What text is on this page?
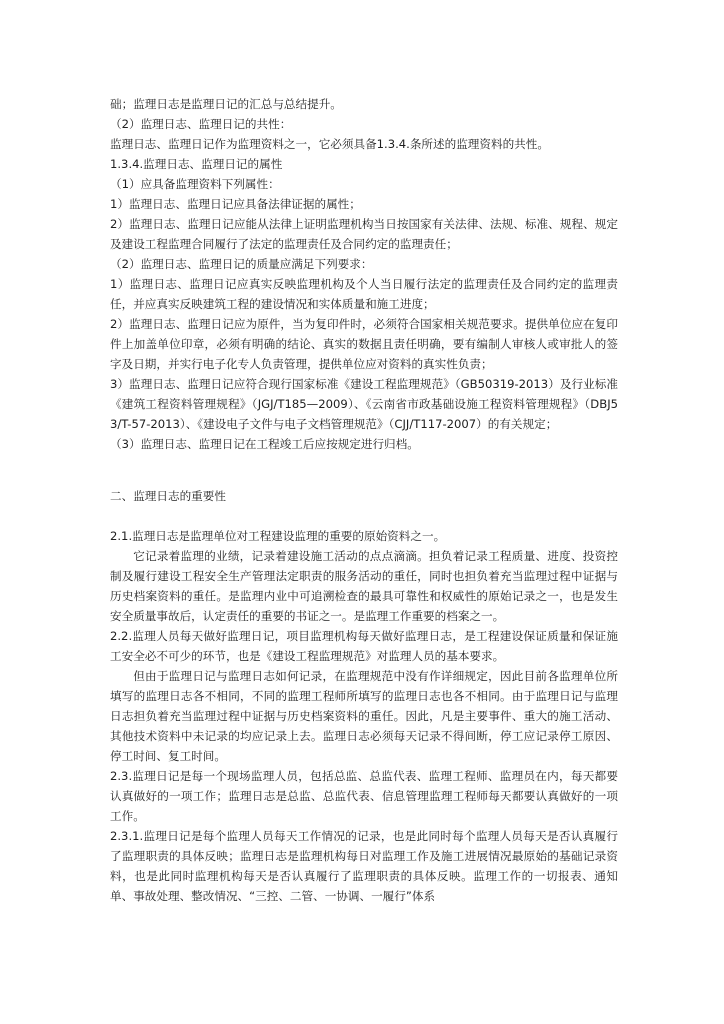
础；监理日志是监理日记的汇总与总结提升。

（2）监理日志、监理日记的共性：

监理日志、监理日记作为监理资料之一，它必须具备1.3.4.条所述的监理资料的共性。

1.3.4.监理日志、监理日记的属性

（1）应具备监理资料下列属性：

1）监理日志、监理日记应具备法律证据的属性；

2）监理日志、监理日记应能从法律上证明监理机构当日按国家有关法律、法规、标准、规程、规定及建设工程监理合同履行了法定的监理责任及合同约定的监理责任；

（2）监理日志、监理日记的质量应满足下列要求：

1）监理日志、监理日记应真实反映监理机构及个人当日履行法定的监理责任及合同约定的监理责任，并应真实反映建筑工程的建设情况和实体质量和施工进度；

2）监理日志、监理日记应为原件，当为复印件时，必须符合国家相关规范要求。提供单位应在复印件上加盖单位印章，必须有明确的结论、真实的数据且责任明确，要有编制人审核人或审批人的签字及日期，并实行电子化专人负责管理，提供单位应对资料的真实性负责；

3）监理日志、监理日记应符合现行国家标准《建设工程监理规范》（GB50319-2013）及行业标准《建筑工程资料管理规程》（JGJ/T185—2009）、《云南省市政基础设施工程资料管理规程》（DBJ53/T-57-2013）、《建设电子文件与电子文档管理规范》（CJJ/T117-2007）的有关规定；

（3）监理日志、监理日记在工程竣工后应按规定进行归档。

二、监理日志的重要性

2.1.监理日志是监理单位对工程建设监理的重要的原始资料之一。

它记录着监理的业绩，记录着建设施工活动的点点滴滴。担负着记录工程质量、进度、投资控制及履行建设工程安全生产管理法定职责的服务活动的重任，同时也担负着充当监理过程中证据与历史档案资料的重任。是监理内业中可追溯检查的最具可靠性和权威性的原始记录之一，也是发生安全质量事故后，认定责任的重要的书证之一。是监理工作重要的档案之一。

2.2.监理人员每天做好监理日记，项目监理机构每天做好监理日志，是工程建设保证质量和保证施工安全必不可少的环节，也是《建设工程监理规范》对监理人员的基本要求。

但由于监理日记与监理日志如何记录，在监理规范中没有作详细规定，因此目前各监理单位所填写的监理日志各不相同，不同的监理工程师所填写的监理日志也各不相同。由于监理日记与监理日志担负着充当监理过程中证据与历史档案资料的重任。因此，凡是主要事件、重大的施工活动、其他技术资料中未记录的均应记录上去。监理日志必须每天记录不得间断，停工应记录停工原因、停工时间、复工时间。

2.3.监理日记是每一个现场监理人员，包括总监、总监代表、监理工程师、监理员在内，每天都要认真做好的一项工作；监理日志是总监、总监代表、信息管理监理工程师每天都要认真做好的一项工作。

2.3.1.监理日记是每个监理人员每天工作情况的记录，也是此同时每个监理人员每天是否认真履行了监理职责的具体反映；监理日志是监理机构每日对监理工作及施工进展情况最原始的基础记录资料，也是此同时监理机构每天是否认真履行了监理职责的具体反映。监理工作的一切报表、通知单、事故处理、整改情况、“三控、二管、一协调、一履行”体系
